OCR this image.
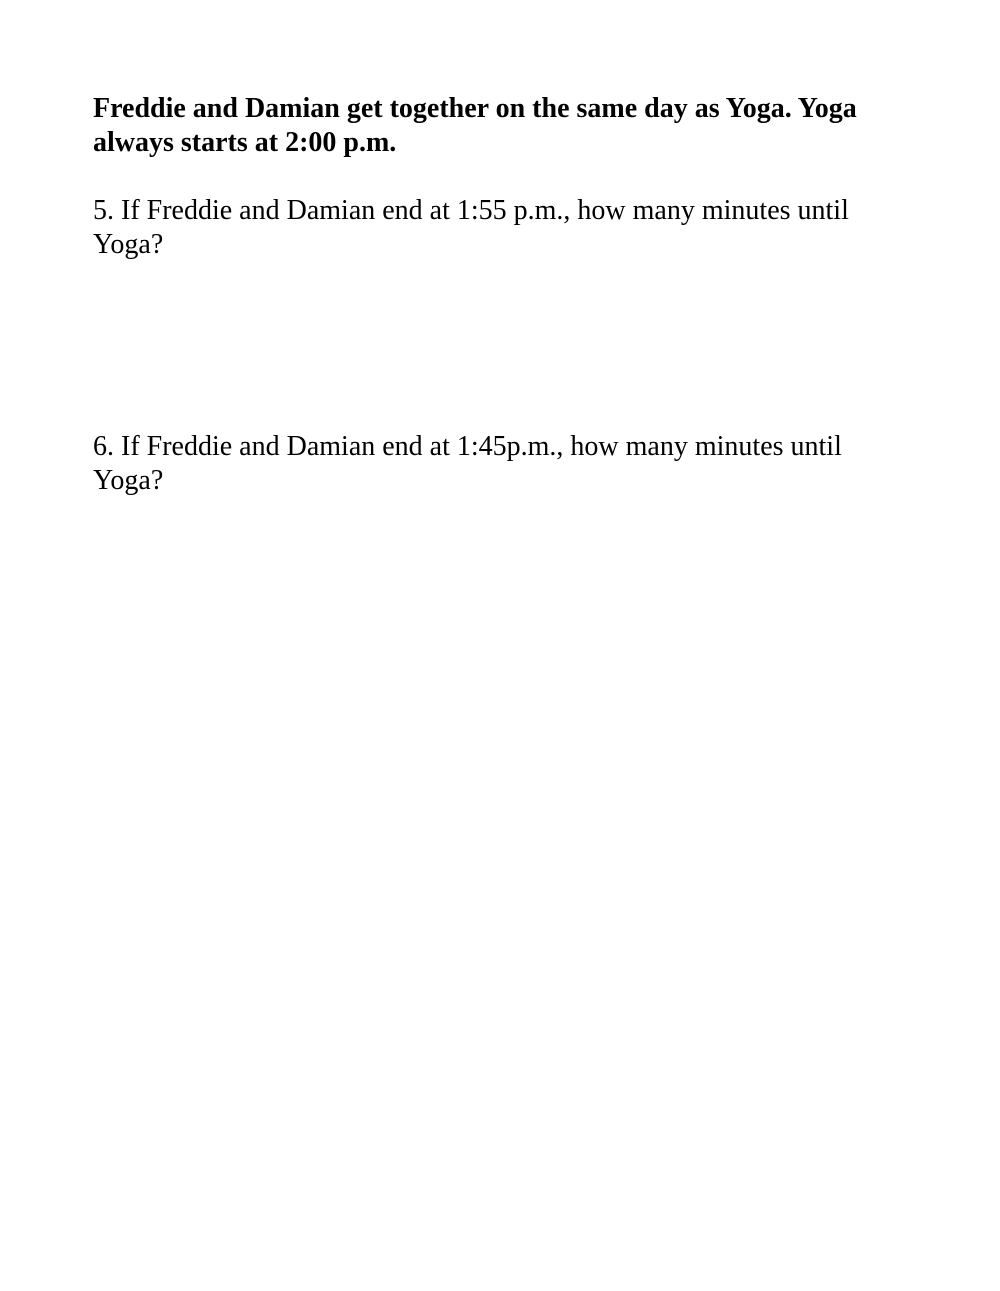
Freddie and Damian get together on the same day as Yoga. Yoga always starts at 2:00 p.m.

5. If Freddie and Damian end at 1:55 p.m., how many minutes until Yoga?

6. If Freddie and Damian end at 1:45p.m., how many minutes until Yoga?
